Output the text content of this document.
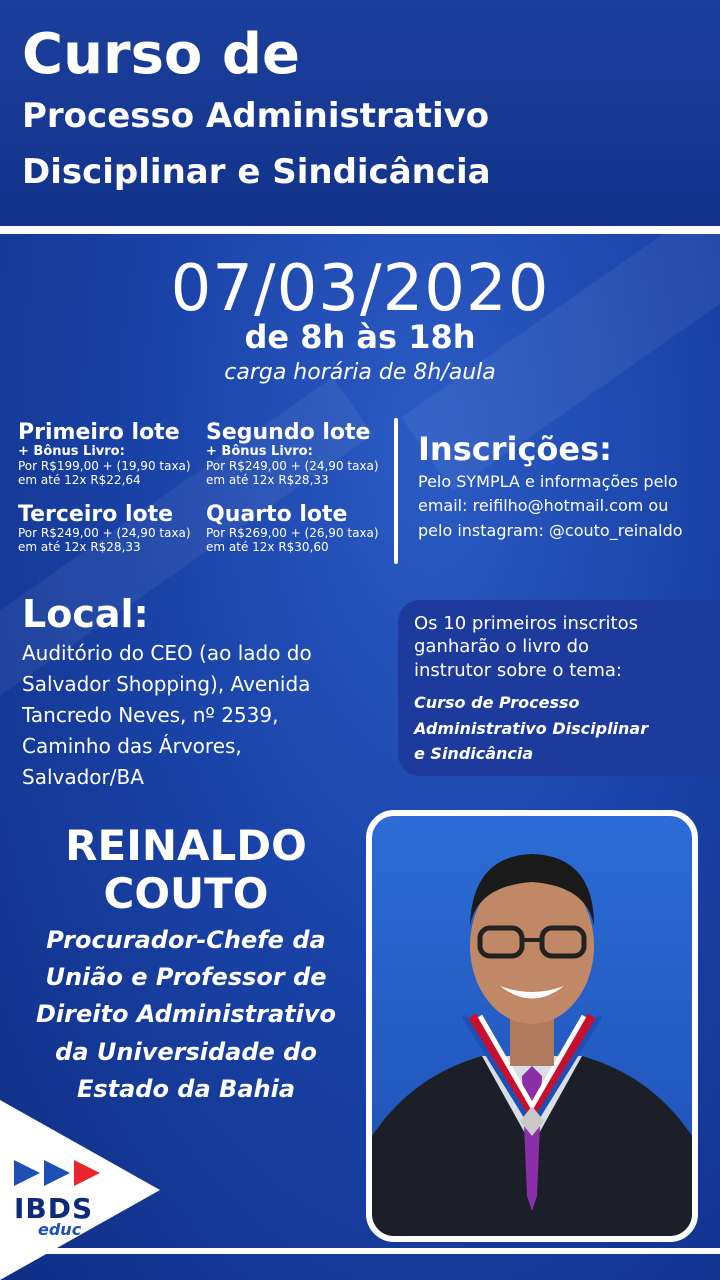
Curso de
Processo Administrativo
Disciplinar e Sindicância
07/03/2020
de 8h às 18h
carga horária de 8h/aula
Primeiro lote
+ Bônus Livro:
Por R$199,00 + (19,90 taxa)
em até 12x R$22,64
Segundo lote
+ Bônus Livro:
Por R$249,00 + (24,90 taxa)
em até 12x R$28,33
Terceiro lote
Por R$249,00 + (24,90 taxa)
em até 12x R$28,33
Quarto lote
Por R$269,00 + (26,90 taxa)
em até 12x R$30,60
Inscrições:
Pelo SYMPLA e informações pelo
email: reifilho@hotmail.com ou
pelo instagram: @couto_reinaldo
Local:
Auditório do CEO (ao lado do
Salvador Shopping), Avenida
Tancredo Neves, nº 2539,
Caminho das Árvores,
Salvador/BA
Os 10 primeiros inscritos
ganharão o livro do
instrutor sobre o tema:
Curso de Processo
Administrativo Disciplinar
e Sindicância
REINALDO
COUTO
Procurador-Chefe da
União e Professor de
Direito Administrativo
da Universidade do
Estado da Bahia
IBDS
educ
